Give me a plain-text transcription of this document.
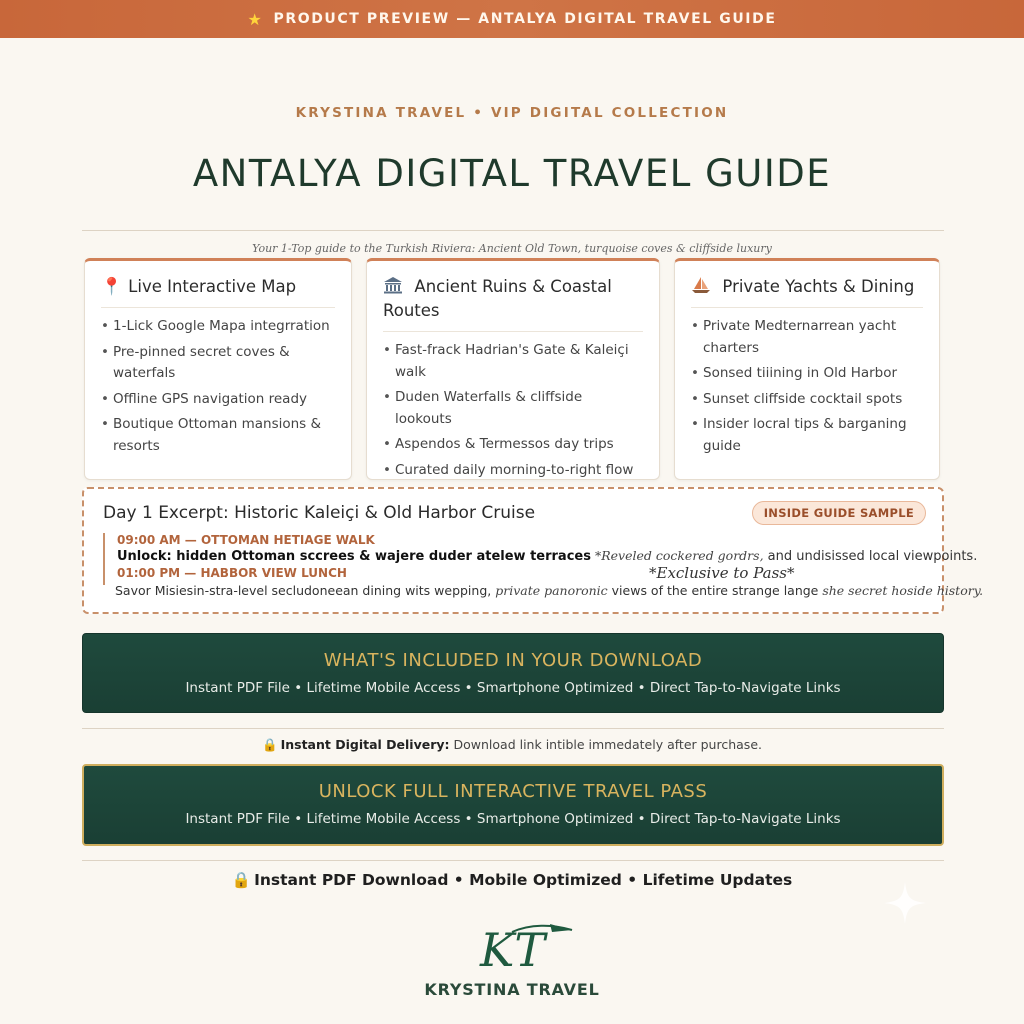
★ PRODUCT PREVIEW — ANTALYA DIGITAL TRAVEL GUIDE
KRYSTINA TRAVEL • VIP DIGITAL COLLECTION
ANTALYA DIGITAL TRAVEL GUIDE
Your 1-Top guide to the Turkish Riviera: Ancient Old Town, turquoise coves & cliffside luxury
📍 Live Interactive Map
• 1-Lick Google Mapa integrration
• Pre-pinned secret coves & waterfals
• Offline GPS navigation ready
• Boutique Ottoman mansions & resorts
Ancient Ruins & Coastal Routes
• Fast-frack Hadrian's Gate & Kaleiçi walk
• Duden Waterfalls & cliffside lookouts
• Aspendos & Termessos day trips
• Curated daily morning-to-right flow
Private Yachts & Dining
• Private Medternarrean yacht charters
• Sonsed tiiining in Old Harbor
• Sunset cliffside cocktail spots
• Insider locral tips & barganing guide
Day 1 Excerpt: Historic Kaleiçi & Old Harbor Cruise	INSIDE GUIDE SAMPLE
09:00 AM — OTTOMAN HETIAGE WALK
Unlock: hidden Ottoman sccrees & wajere duder atelew terraces *Reveled cockered gordrs, and undisissed local viewpoints.
01:00 PM — HABBOR VIEW LUNCH
Savor Misiesin-stra-level secludoneean dining wits wepping, private panoronic views of the entire strange lange she secret hoside history.
*Exclusive to Pass*
WHAT'S INCLUDED IN YOUR DOWNLOAD
Instant PDF File • Lifetime Mobile Access • Smartphone Optimized • Direct Tap-to-Navigate Links
🔒 Instant Digital Delivery: Download link intible immedately after purchase.
UNLOCK FULL INTERACTIVE TRAVEL PASS
Instant PDF File • Lifetime Mobile Access • Smartphone Optimized • Direct Tap-to-Navigate Links
🔒 Instant PDF Download • Mobile Optimized • Lifetime Updates
KT
KRYSTINA TRAVEL
